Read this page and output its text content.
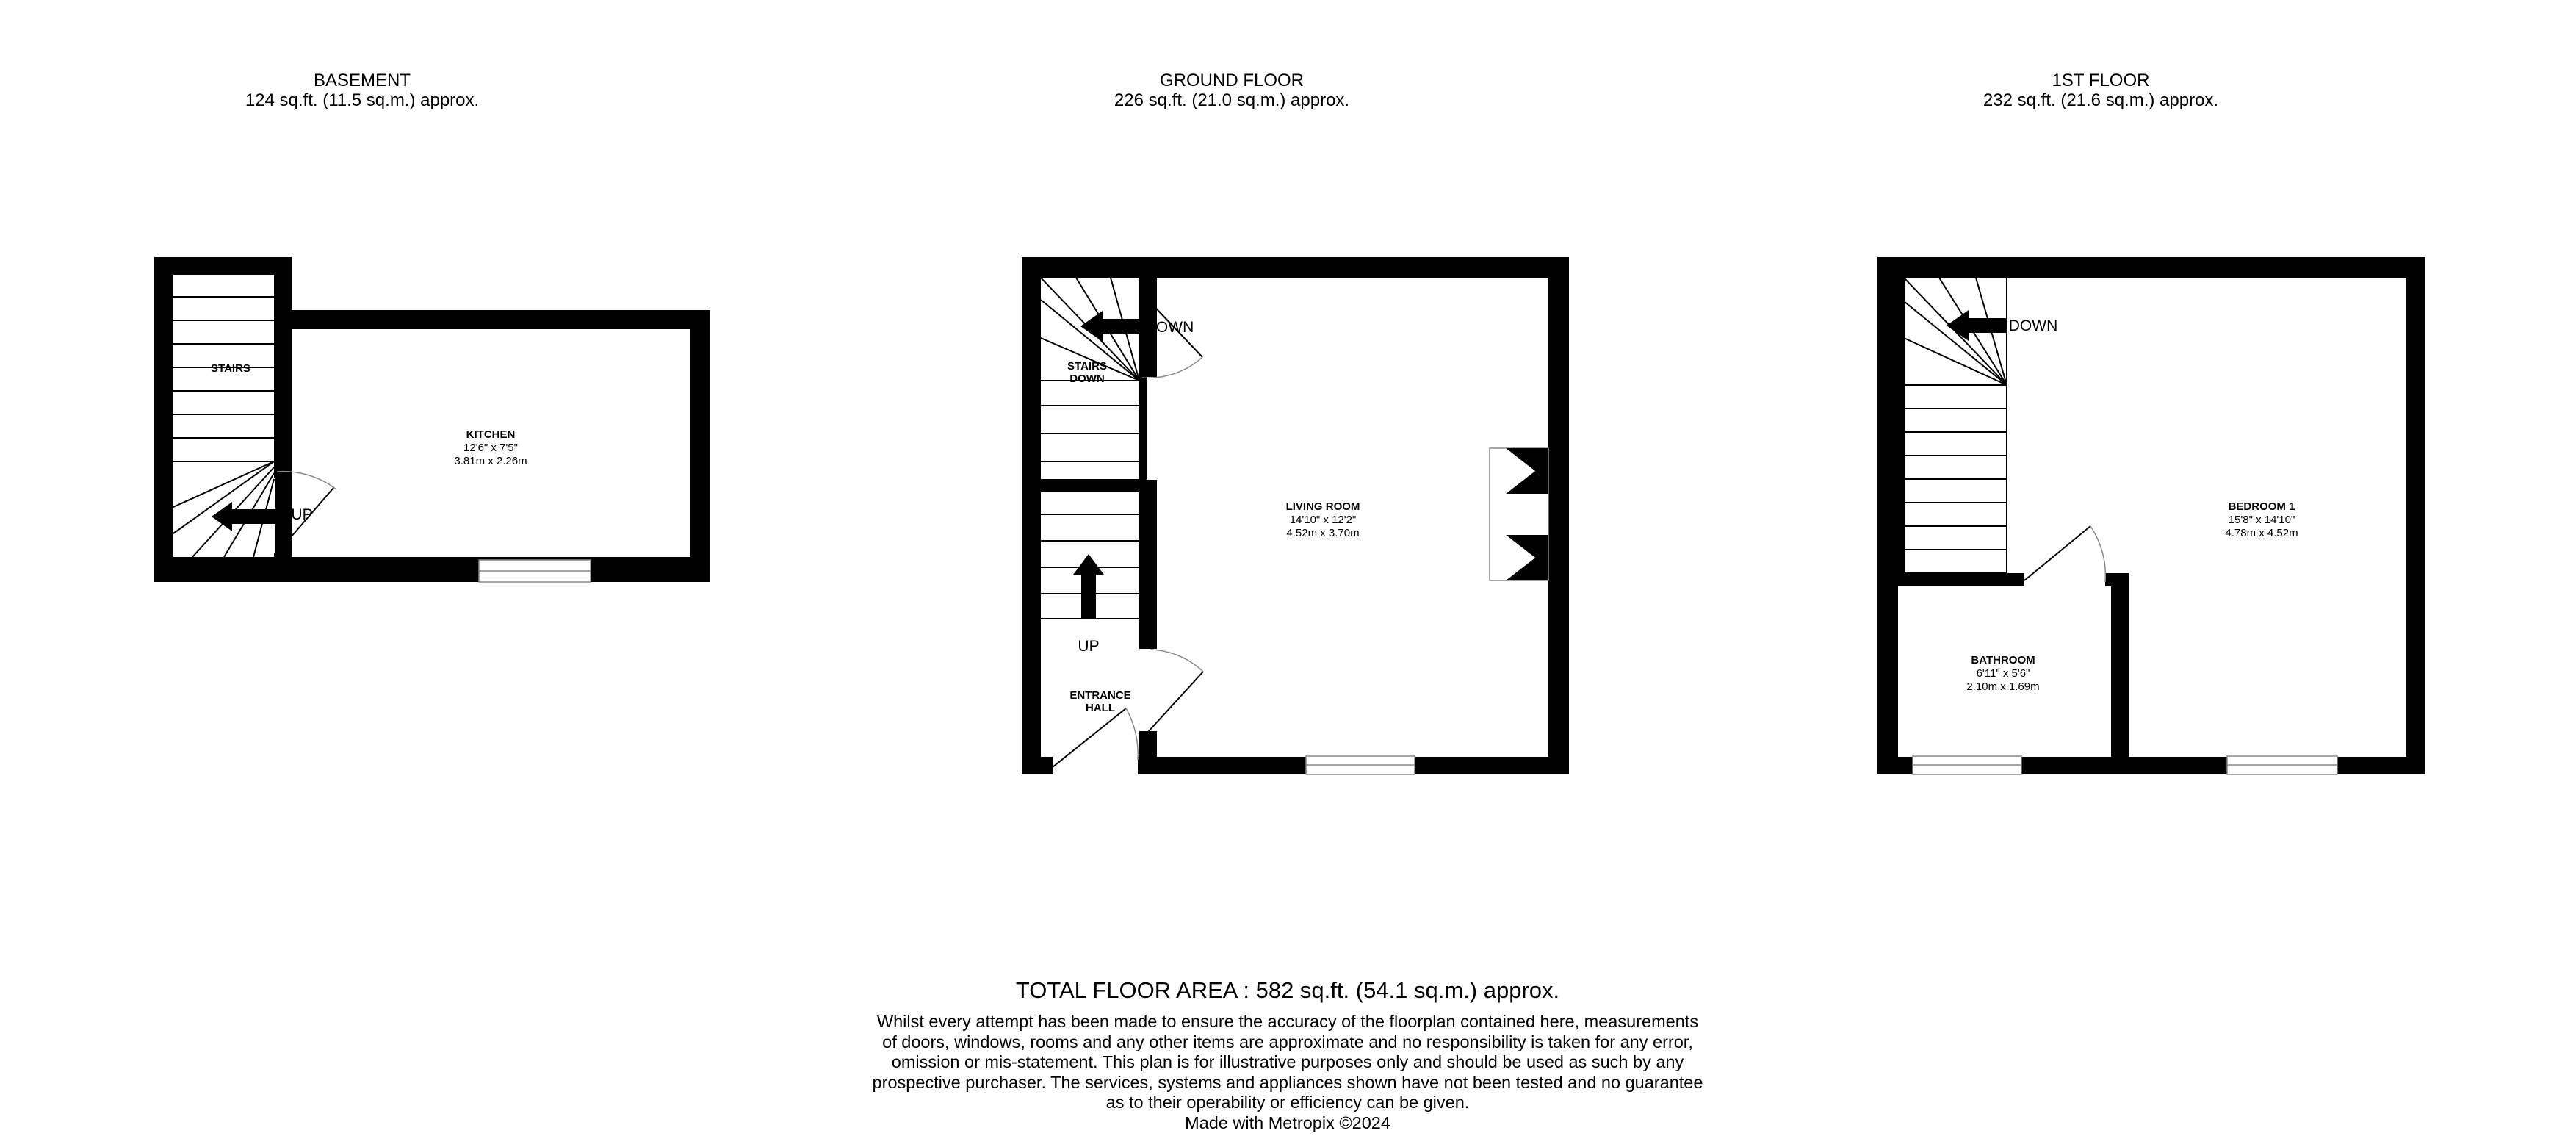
BASEMENT
124 sq.ft. (11.5 sq.m.) approx.
GROUND FLOOR
226 sq.ft. (21.0 sq.m.) approx.
1ST FLOOR
232 sq.ft. (21.6 sq.m.) approx.
STAIRS
UP
KITCHEN
12'6" x 7'5"
3.81m x 2.26m
STAIRS DOWN
DOWN
UP
LIVING ROOM
14'10" x 12'2"
4.52m x 3.70m
ENTRANCE HALL
DOWN
BEDROOM 1
15'8" x 14'10"
4.78m x 4.52m
BATHROOM
6'11" x 5'6"
2.10m x 1.69m
TOTAL FLOOR AREA : 582 sq.ft. (54.1 sq.m.) approx.
Whilst every attempt has been made to ensure the accuracy of the floorplan contained here, measurements
of doors, windows, rooms and any other items are approximate and no responsibility is taken for any error,
omission or mis-statement. This plan is for illustrative purposes only and should be used as such by any
prospective purchaser. The services, systems and appliances shown have not been tested and no guarantee
as to their operability or efficiency can be given.
Made with Metropix ©2024
